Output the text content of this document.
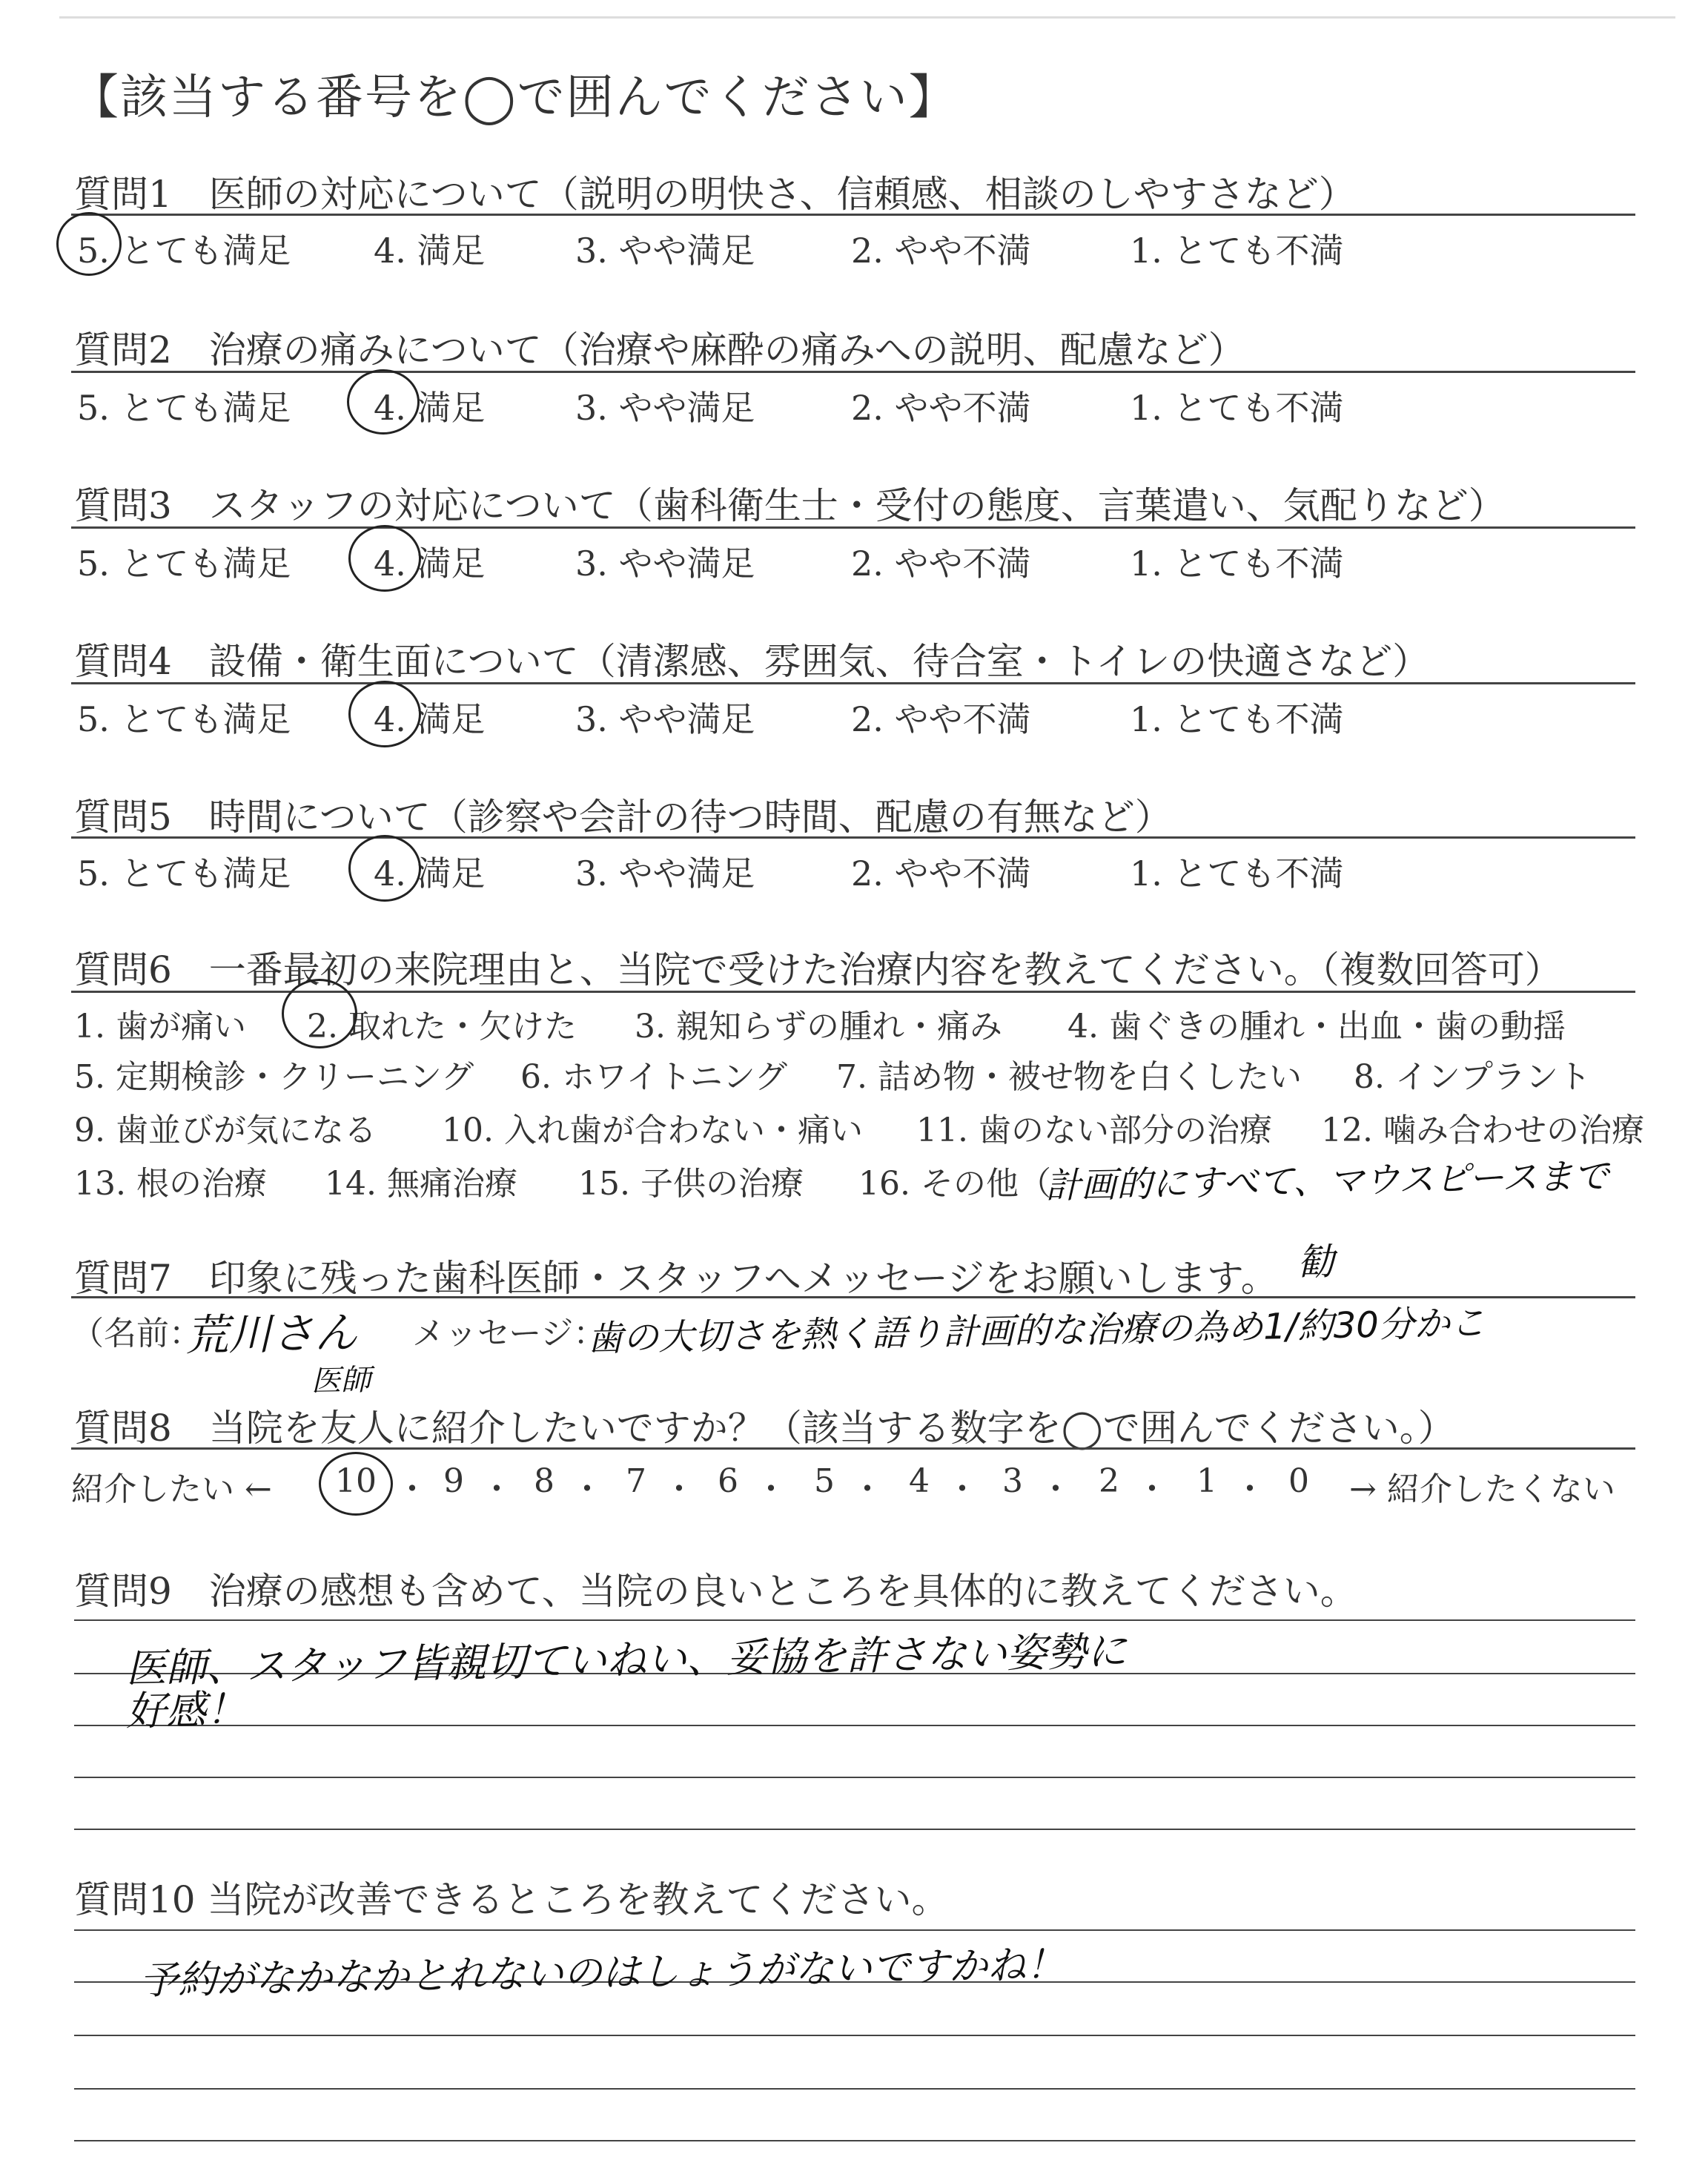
【該当する番号を◯で囲んでください】
質問1　医師の対応について（説明の明快さ、信頼感、相談のしやすさなど）
5. とても満足 4. 満足	3. やや満足	2. やや不満	1. とても不満
質問2　治療の痛みについて（治療や麻酔の痛みへの説明、配慮など）
5. とても満足 4. 満足	3. やや満足	2. やや不満	1. とても不満
質問3　スタッフの対応について（歯科衛生士・受付の態度、言葉遣い、気配りなど）
5. とても満足 4. 満足	3. やや満足	2. やや不満	1. とても不満
質問4　設備・衛生面について（清潔感、雰囲気、待合室・トイレの快適さなど）
5. とても満足 4. 満足	3. やや満足	2. やや不満	1. とても不満
質問5　時間について（診察や会計の待つ時間、配慮の有無など）
5. とても満足 4. 満足	3. やや満足	2. やや不満	1. とても不満
質問6　一番最初の来院理由と、当院で受けた治療内容を教えてください。（複数回答可）
1. 歯が痛い 2. 取れた・欠けた 3. 親知らずの腫れ・痛み 4. 歯ぐきの腫れ・出血・歯の動揺
5. 定期検診・クリーニング 6. ホワイトニング 7. 詰め物・被せ物を白くしたい 8. インプラント
9. 歯並びが気になる 10. 入れ歯が合わない・痛い 11. 歯のない部分の治療 12. 噛み合わせの治療
13. 根の治療 14. 無痛治療 15. 子供の治療 16. その他（
計画的にすべて、マウスピースまで
質問7　印象に残った歯科医師・スタッフへメッセージをお願いします。 勧
（名前：
荒川さん
医師
メッセージ：
歯の大切さを熱く語り計画的な治療の為め1/約30分かこ
質問8　当院を友人に紹介したいですか？（該当する数字を◯で囲んでください。）
紹介したい ← 10 ・ 9 ・ 8 ・ 7 ・ 6 ・ 5 ・ 4 ・ 3 ・ 2 ・ 1 ・ 0 → 紹介したくない
質問9　治療の感想も含めて、当院の良いところを具体的に教えてください。
医師、スタッフ皆親切ていねい、妥協を許さない姿勢に
好感！
質問10 当院が改善できるところを教えてください。
予約がなかなかとれないのはしょうがないですかね！
